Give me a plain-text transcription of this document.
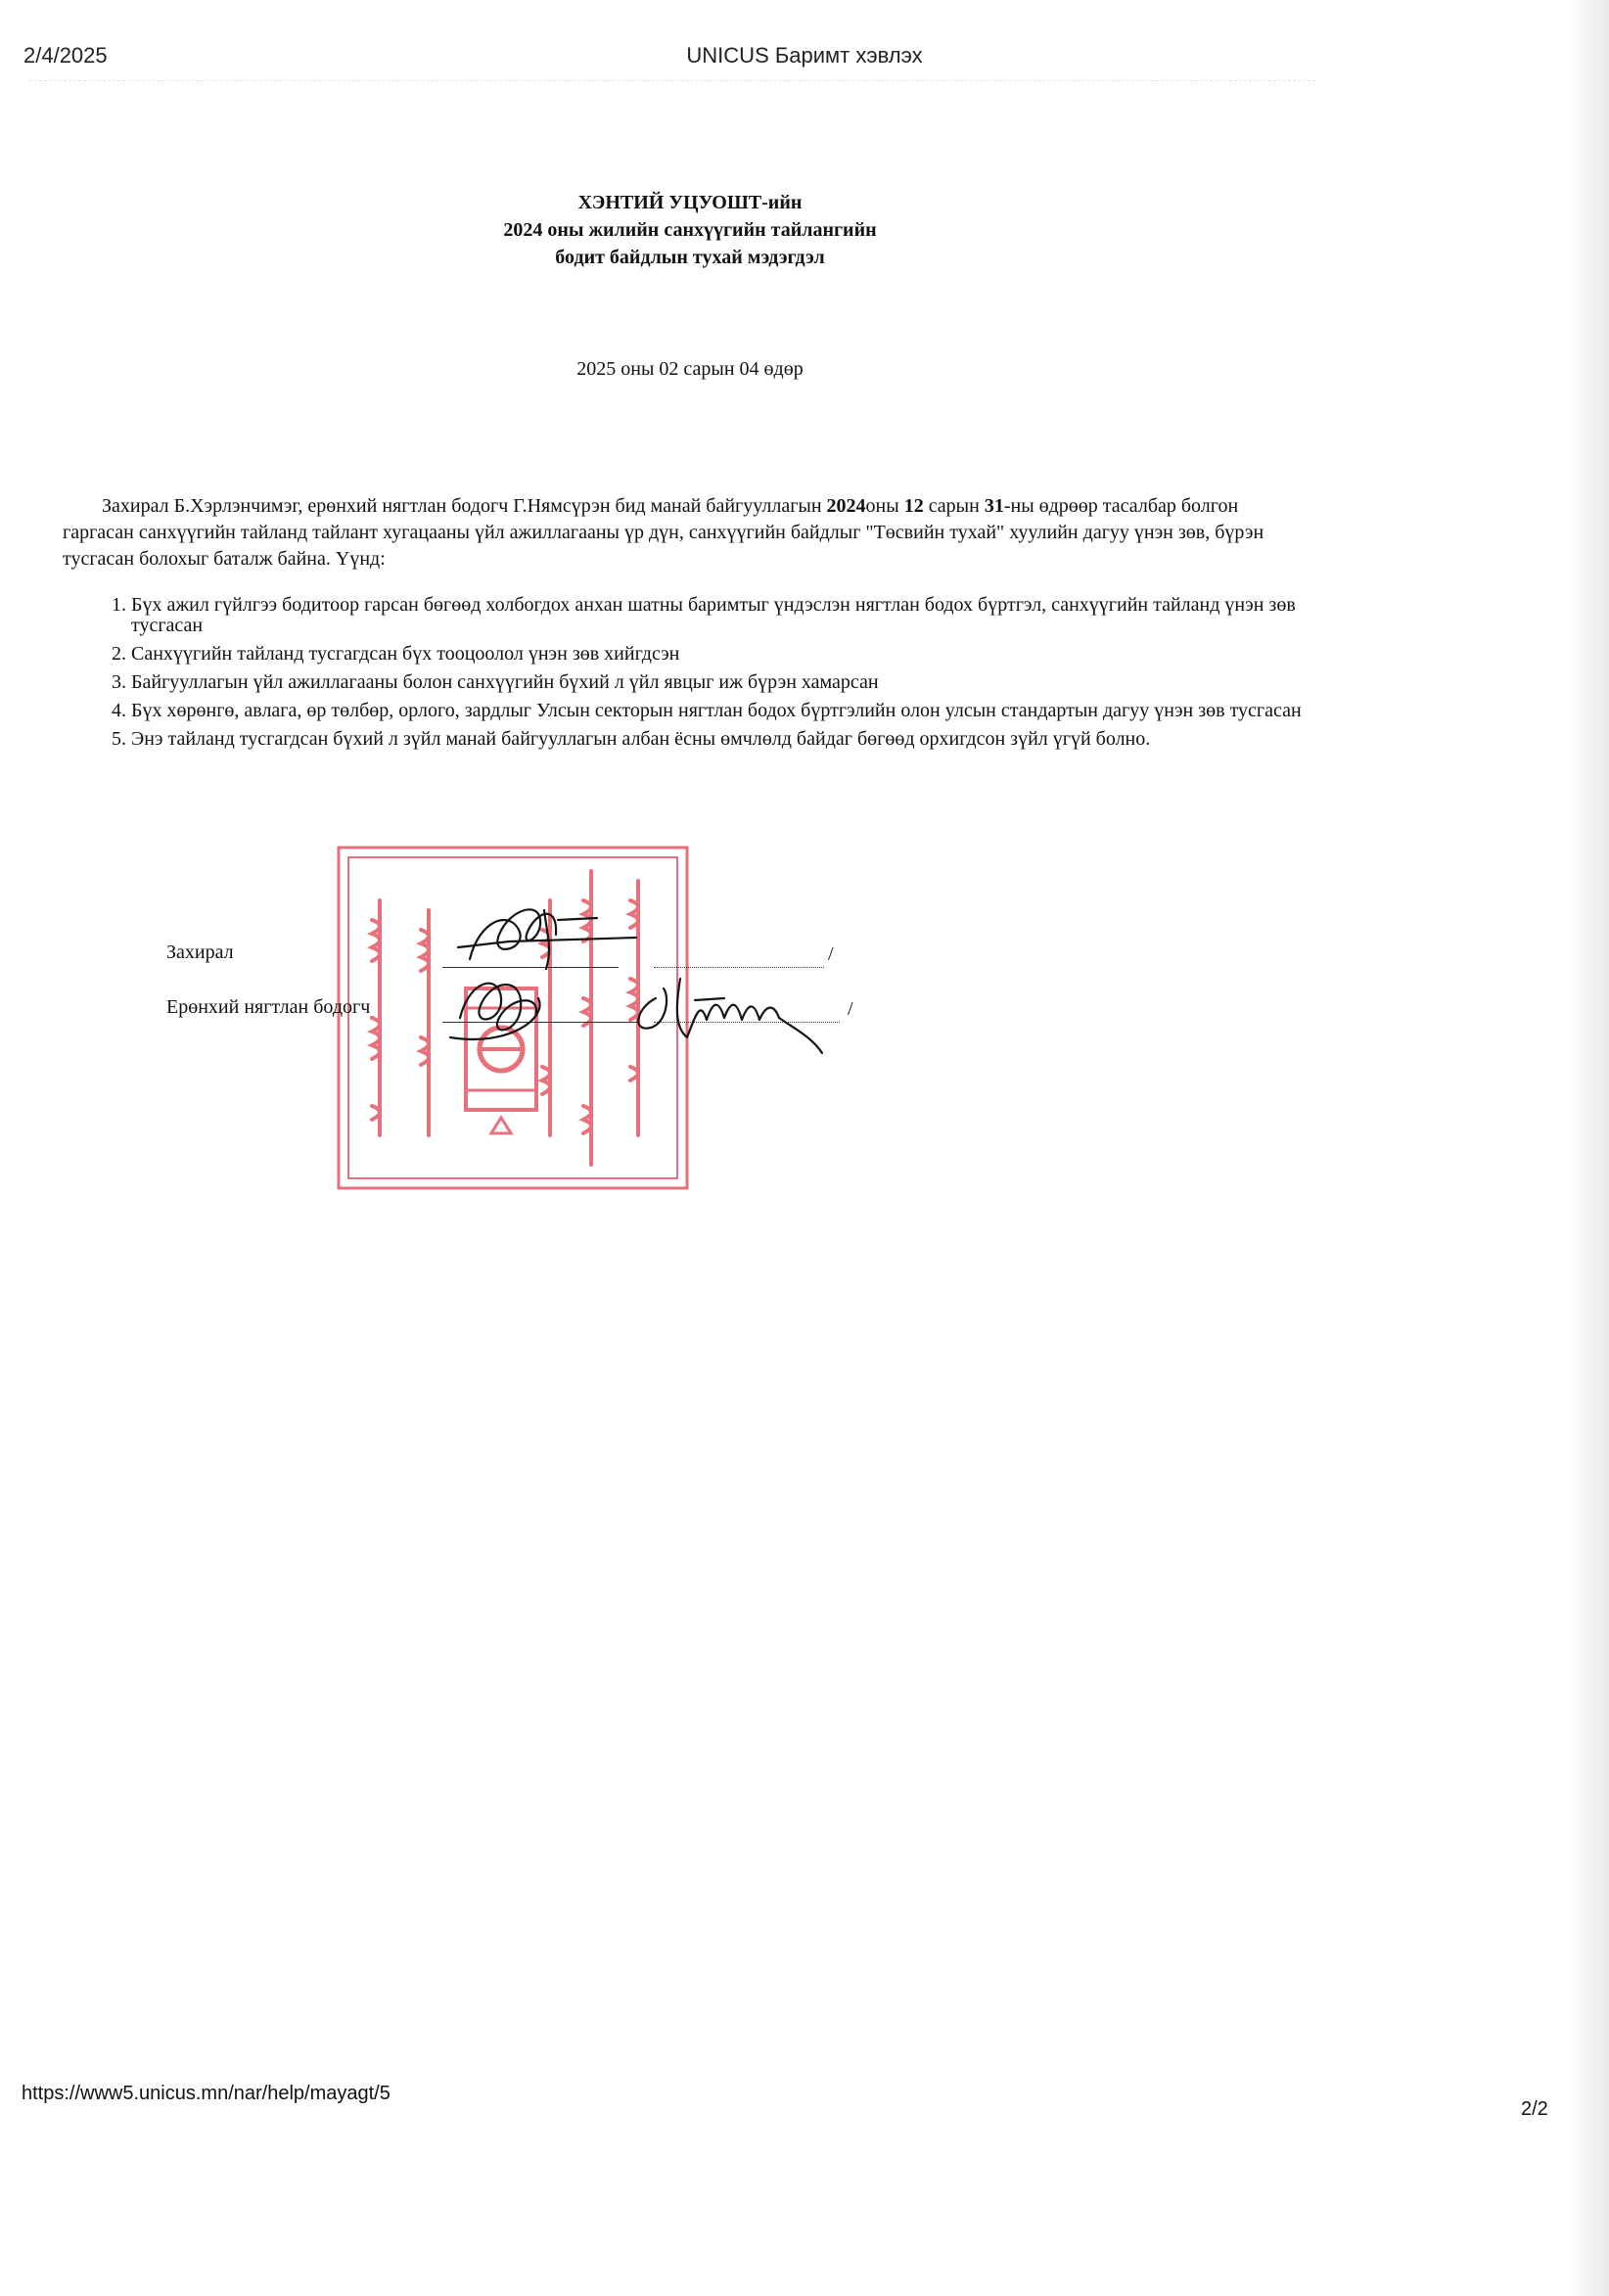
2/4/2025	UNICUS Баримт хэвлэх
ХЭНТИЙ УЦУОШТ-ийн
2024 оны жилийн санхүүгийн тайлангийн
бодит байдлын тухай мэдэгдэл
2025 оны 02 сарын 04 өдөр

Захирал Б.Хэрлэнчимэг, ерөнхий нягтлан бодогч Г.Нямсүрэн бид манай байгууллагын 2024оны 12 сарын 31-ны өдрөөр тасалбар болгон гаргасан санхүүгийн тайланд тайлант хугацааны үйл ажиллагааны үр дүн, санхүүгийн байдлыг "Төсвийн тухай" хуулийн дагуу үнэн зөв, бүрэн тусгасан болохыг баталж байна. Үүнд:

1. Бүх ажил гүйлгээ бодитоор гарсан бөгөөд холбогдох анхан шатны баримтыг үндэслэн нягтлан бодох бүртгэл, санхүүгийн тайланд үнэн зөв тусгасан
2. Санхүүгийн тайланд тусгагдсан бүх тооцоолол үнэн зөв хийгдсэн
3. Байгууллагын үйл ажиллагааны болон санхүүгийн бүхий л үйл явцыг иж бүрэн хамарсан
4. Бүх хөрөнгө, авлага, өр төлбөр, орлого, зардлыг Улсын секторын нягтлан бодох бүртгэлийн олон улсын стандартын дагуу үнэн зөв тусгасан
5. Энэ тайланд тусгагдсан бүхий л зүйл манай байгууллагын албан ёсны өмчлөлд байдаг бөгөөд орхигдсон зүйл үгүй болно.
Захирал	/
Ерөнхий нягтлан бодогч	/
https://www5.unicus.mn/nar/help/mayagt/5
2/2
